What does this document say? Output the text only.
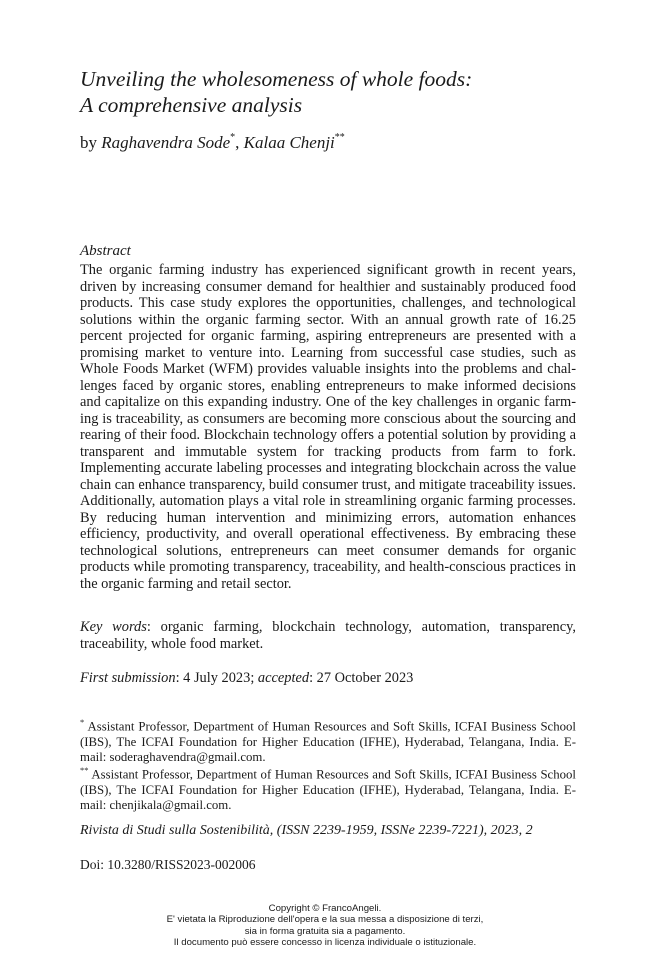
Unveiling the wholesomeness of whole foods:
A comprehensive analysis
by Raghavendra Sode*, Kalaa Chenji**
Abstract
The organic farming industry has experienced significant growth in recent years, driven by increasing consumer demand for healthier and sustainably produced food products. This case study explores the opportunities, challenges, and technological solutions within the organic farming sector. With an annual growth rate of 16.25 percent projected for organic farming, aspiring entrepreneurs are presented with a promising market to venture into. Learning from successful case studies, such as Whole Foods Market (WFM) provides valuable insights into the problems and challenges faced by organic stores, enabling entrepreneurs to make informed decisions and capitalize on this expanding industry. One of the key challenges in organic farming is traceability, as consumers are becoming more conscious about the sourcing and rearing of their food. Blockchain technology offers a potential solution by providing a transparent and immutable system for tracking products from farm to fork. Implementing accurate labeling processes and integrating blockchain across the value chain can enhance transparency, build consumer trust, and mitigate traceability issues. Additionally, automation plays a vital role in streamlining organic farming processes. By reducing human intervention and minimizing errors, automation enhances efficiency, productivity, and overall operational effectiveness. By embracing these technological solutions, entrepreneurs can meet consumer demands for organic products while promoting transparency, traceability, and health-conscious practices in the organic farming and retail sector.
Key words: organic farming, blockchain technology, automation, transparency, traceability, whole food market.
First submission: 4 July 2023; accepted: 27 October 2023
* Assistant Professor, Department of Human Resources and Soft Skills, ICFAI Business School (IBS), The ICFAI Foundation for Higher Education (IFHE), Hyderabad, Telangana, India. E-mail: soderaghavendra@gmail.com.
** Assistant Professor, Department of Human Resources and Soft Skills, ICFAI Business School (IBS), The ICFAI Foundation for Higher Education (IFHE), Hyderabad, Telangana, India. E-mail: chenjikala@gmail.com.
Rivista di Studi sulla Sostenibilità, (ISSN 2239-1959, ISSNe 2239-7221), 2023, 2
Doi: 10.3280/RISS2023-002006
Copyright © FrancoAngeli.
E' vietata la Riproduzione dell'opera e la sua messa a disposizione di terzi,
sia in forma gratuita sia a pagamento.
Il documento può essere concesso in licenza individuale o istituzionale.
